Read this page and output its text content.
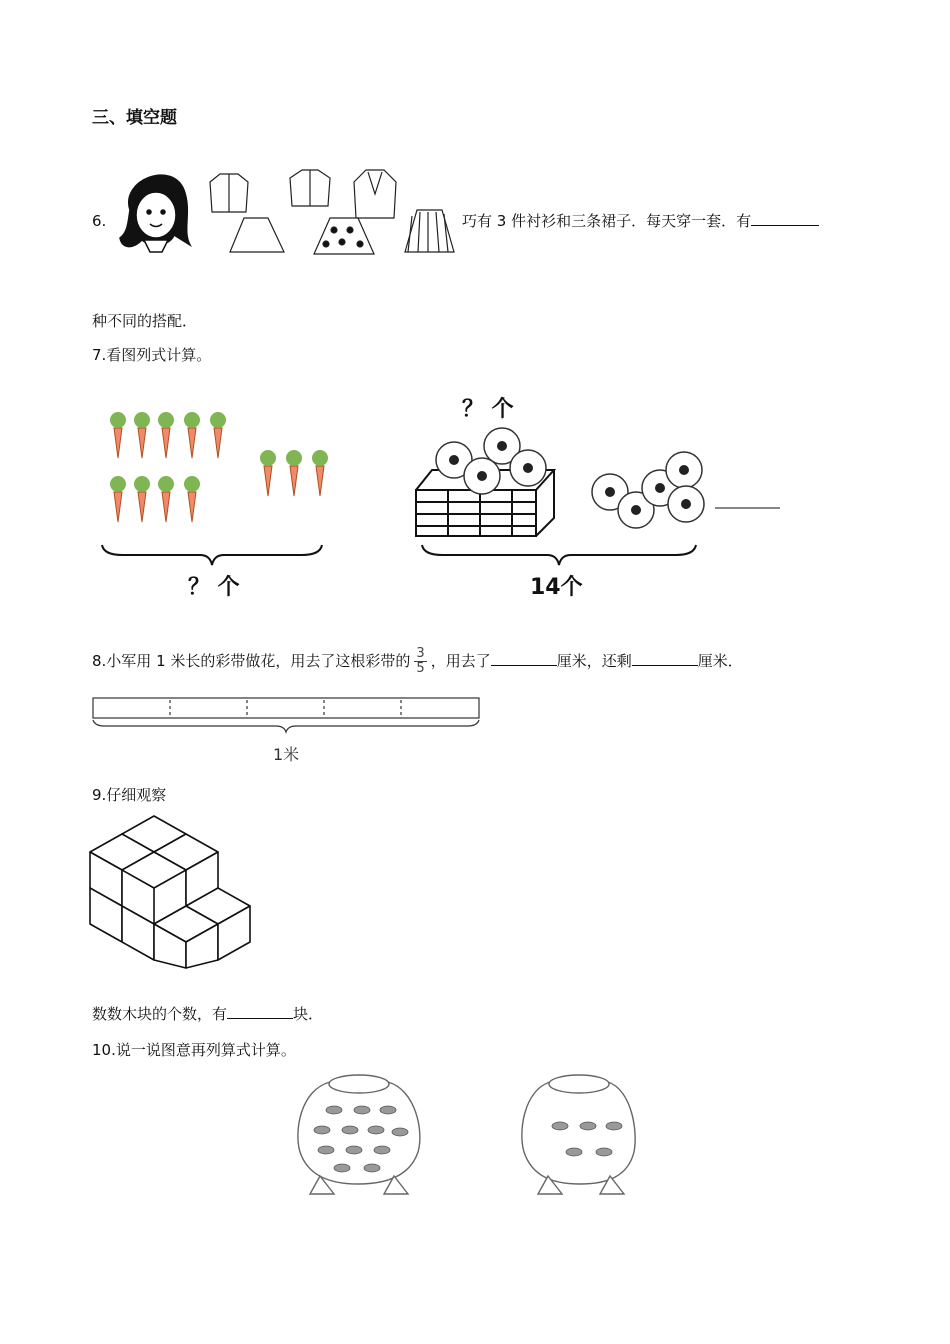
三、填空题
6.	巧有 3 件衬衫和三条裙子．每天穿一套．有
种不同的搭配．
7.看图列式计算。
？ 个
？ 个
14个
8.小军用 1 米长的彩带做花，用去了这根彩带的 $\frac{3}{5}$ ，用去了	厘米，还剩	厘米．
1米
9.仔细观察
数数木块的个数，有	块．
10.说一说图意再列算式计算。
